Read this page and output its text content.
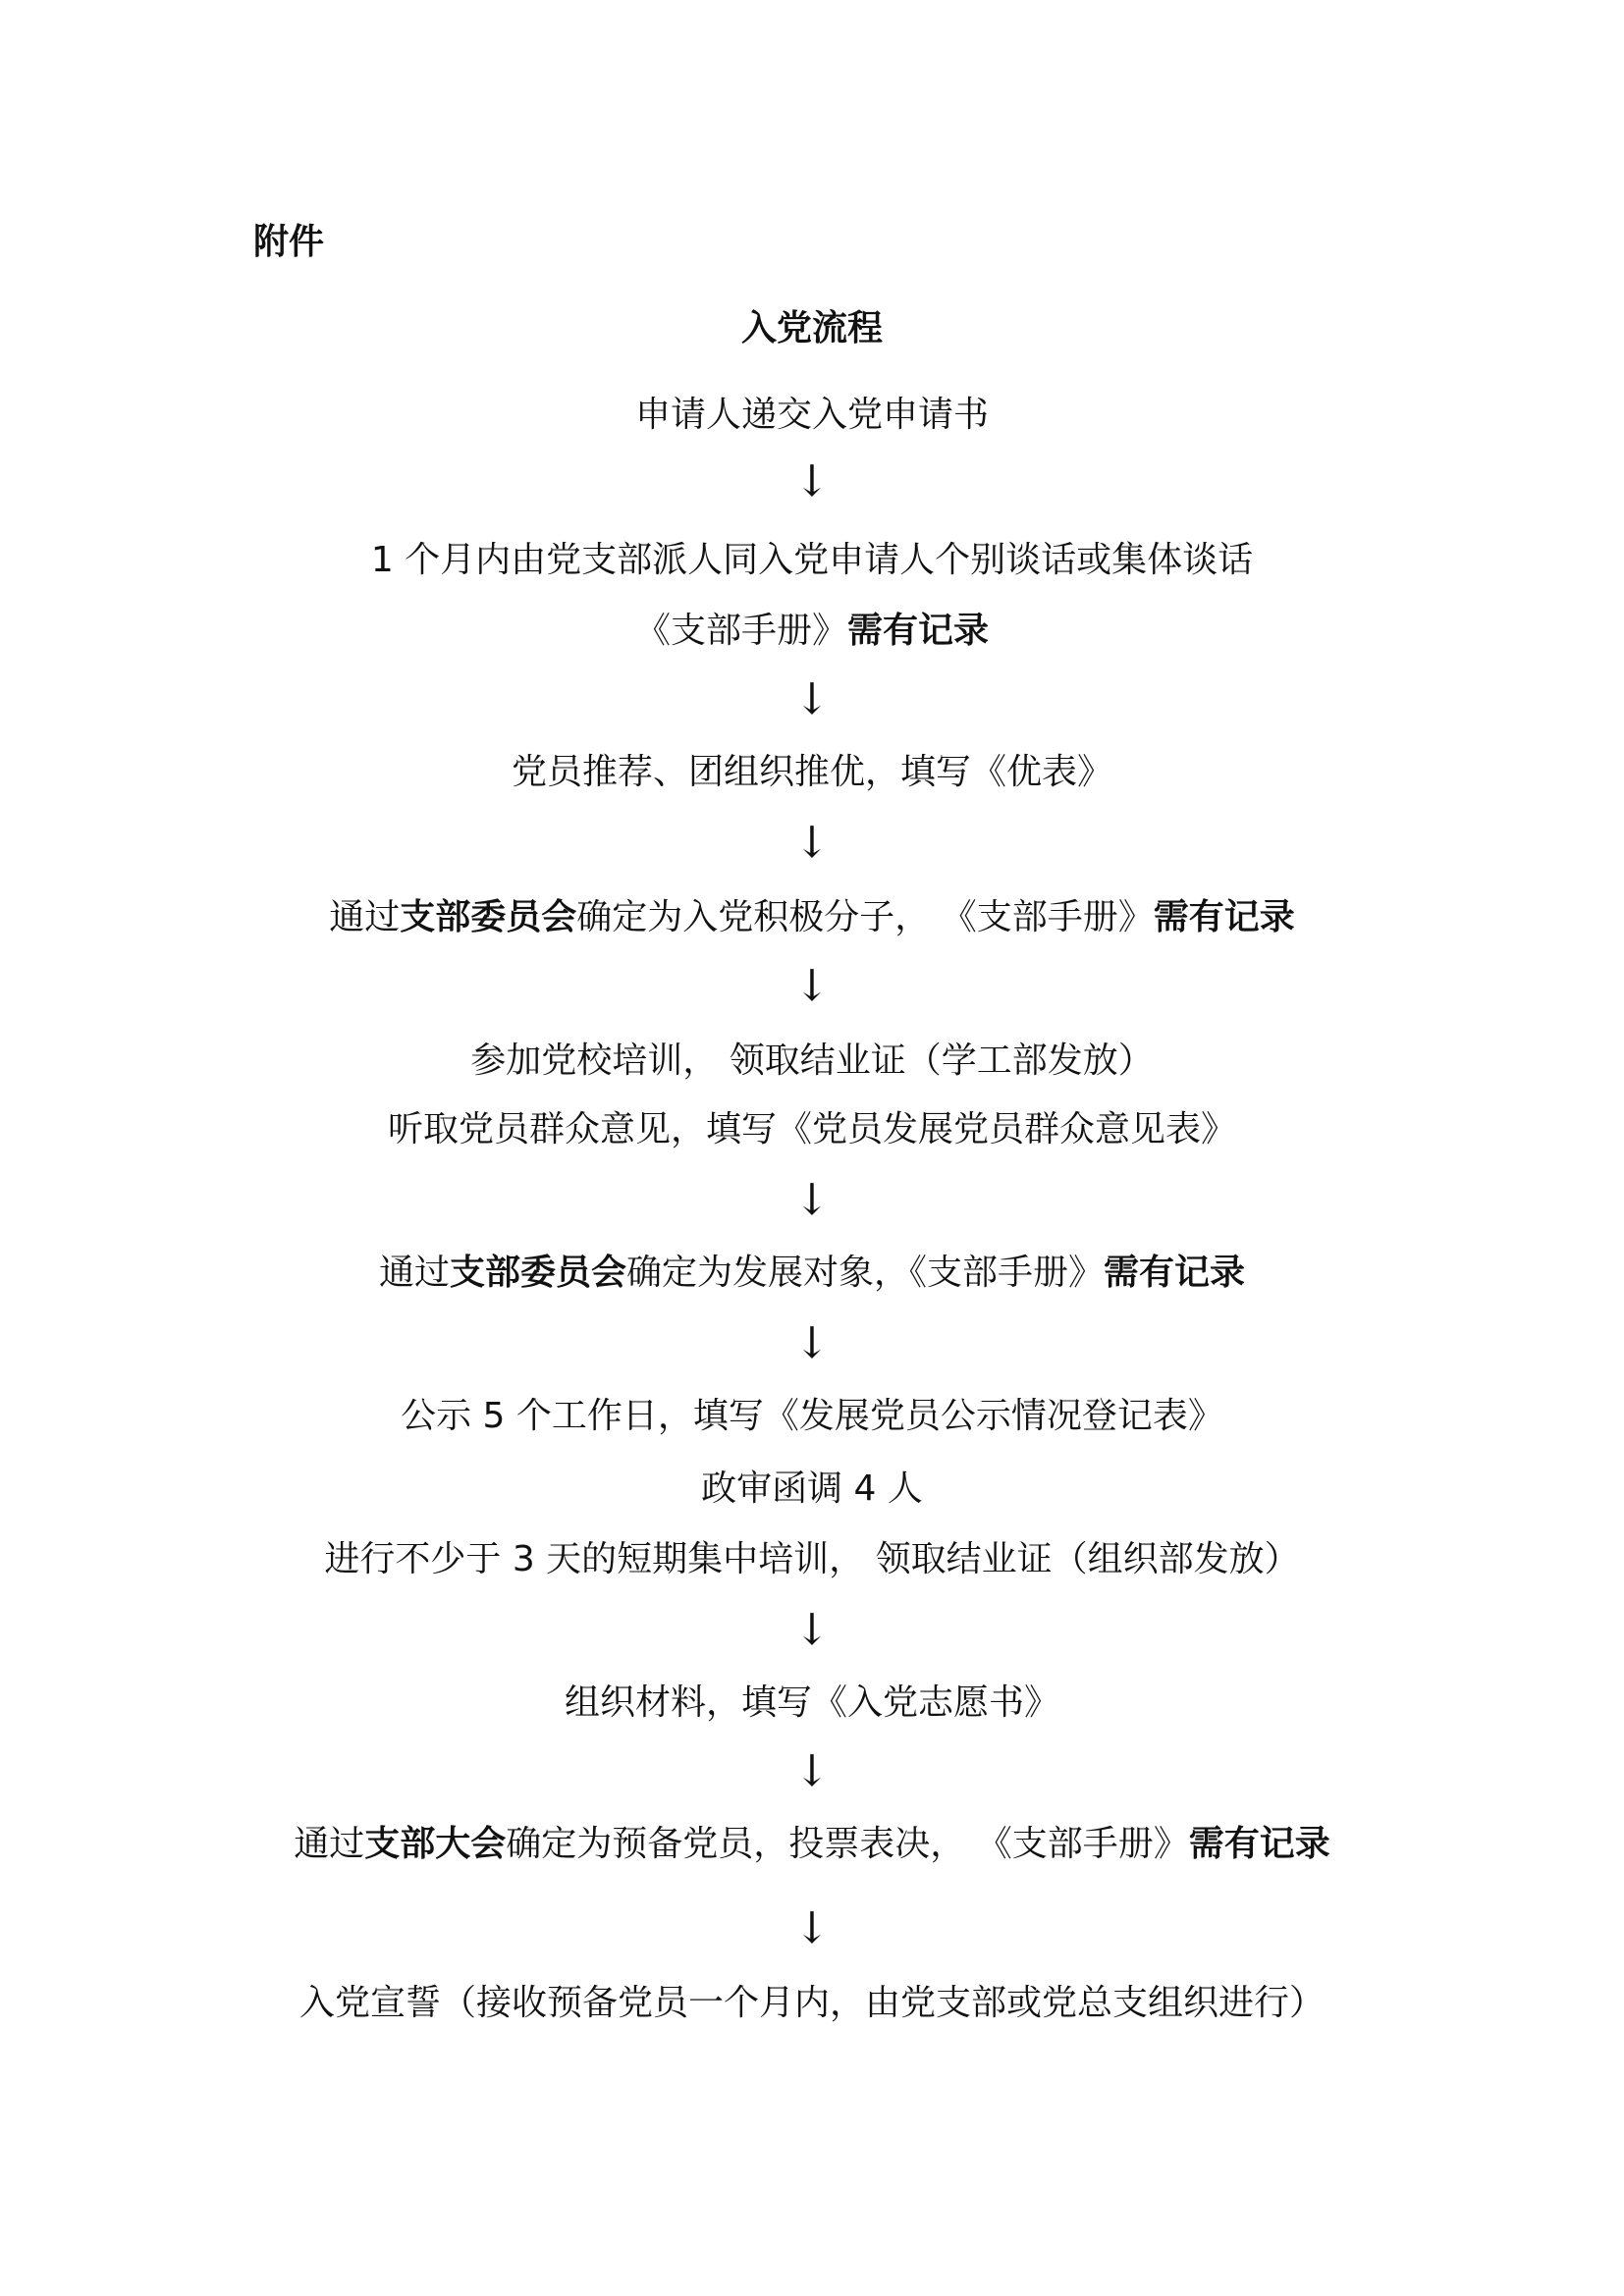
附件
入党流程
申请人递交入党申请书
↓
1 个月内由党支部派人同入党申请人个别谈话或集体谈话
《支部手册》需有记录
↓
党员推荐、团组织推优，填写《优表》
↓
通过支部委员会确定为入党积极分子， 《支部手册》需有记录
↓
参加党校培训， 领取结业证（学工部发放）
听取党员群众意见，填写《党员发展党员群众意见表》
↓
通过支部委员会确定为发展对象，《支部手册》需有记录
↓
公示 5 个工作日，填写《发展党员公示情况登记表》
政审函调 4 人
进行不少于 3 天的短期集中培训， 领取结业证（组织部发放）
↓
组织材料，填写《入党志愿书》
↓
通过支部大会确定为预备党员，投票表决， 《支部手册》需有记录
↓
入党宣誓（接收预备党员一个月内，由党支部或党总支组织进行）
